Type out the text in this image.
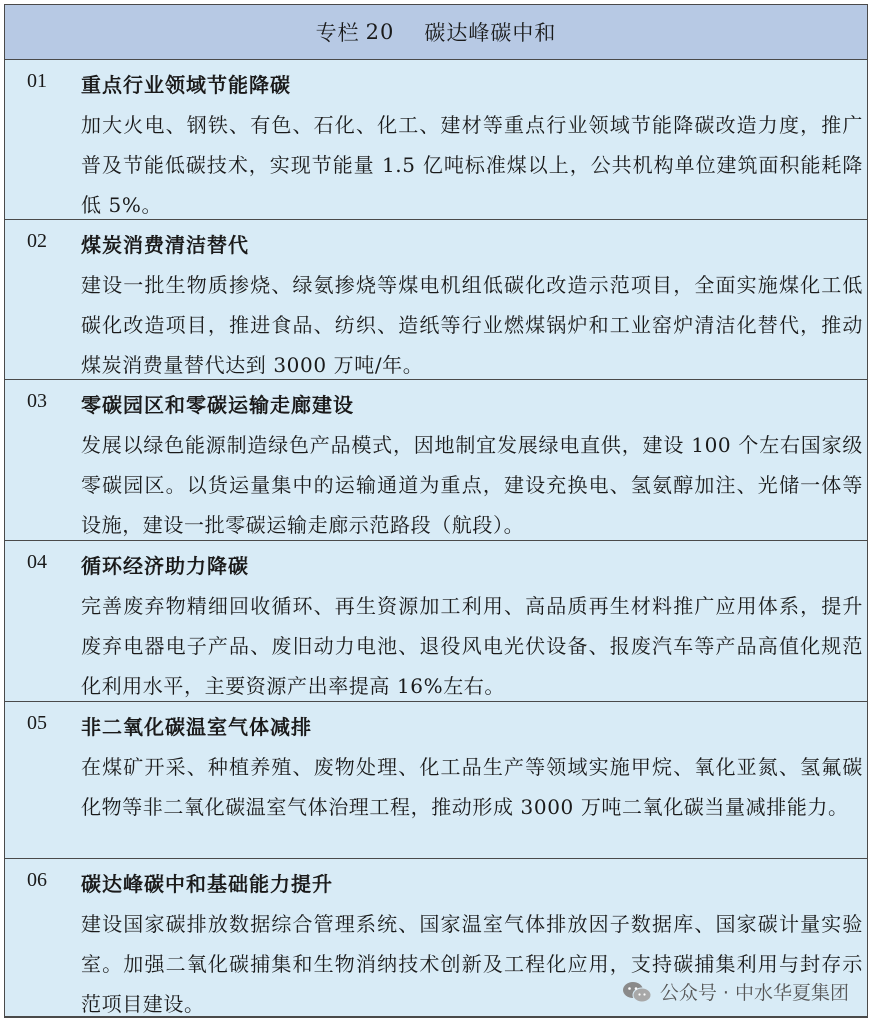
专栏 20 碳达峰碳中和
01 重点行业领域节能降碳
加大火电、钢铁、有色、石化、化工、建材等重点行业领域节能降碳改造力度，推广普及节能低碳技术，实现节能量 1.5 亿吨标准煤以上，公共机构单位建筑面积能耗降低 5%。
02 煤炭消费清洁替代
建设一批生物质掺烧、绿氨掺烧等煤电机组低碳化改造示范项目，全面实施煤化工低碳化改造项目，推进食品、纺织、造纸等行业燃煤锅炉和工业窑炉清洁化替代，推动煤炭消费量替代达到 3000 万吨/年。
03 零碳园区和零碳运输走廊建设
发展以绿色能源制造绿色产品模式，因地制宜发展绿电直供，建设 100 个左右国家级零碳园区。以货运量集中的运输通道为重点，建设充换电、氢氨醇加注、光储一体等设施，建设一批零碳运输走廊示范路段（航段）。
04 循环经济助力降碳
完善废弃物精细回收循环、再生资源加工利用、高品质再生材料推广应用体系，提升废弃电器电子产品、废旧动力电池、退役风电光伏设备、报废汽车等产品高值化规范化利用水平，主要资源产出率提高 16%左右。
05 非二氧化碳温室气体减排
在煤矿开采、种植养殖、废物处理、化工品生产等领域实施甲烷、氧化亚氮、氢氟碳化物等非二氧化碳温室气体治理工程，推动形成 3000 万吨二氧化碳当量减排能力。
06 碳达峰碳中和基础能力提升
建设国家碳排放数据综合管理系统、国家温室气体排放因子数据库、国家碳计量实验室。加强二氧化碳捕集和生物消纳技术创新及工程化应用，支持碳捕集利用与封存示范项目建设。	公众号 · 中水华夏集团
